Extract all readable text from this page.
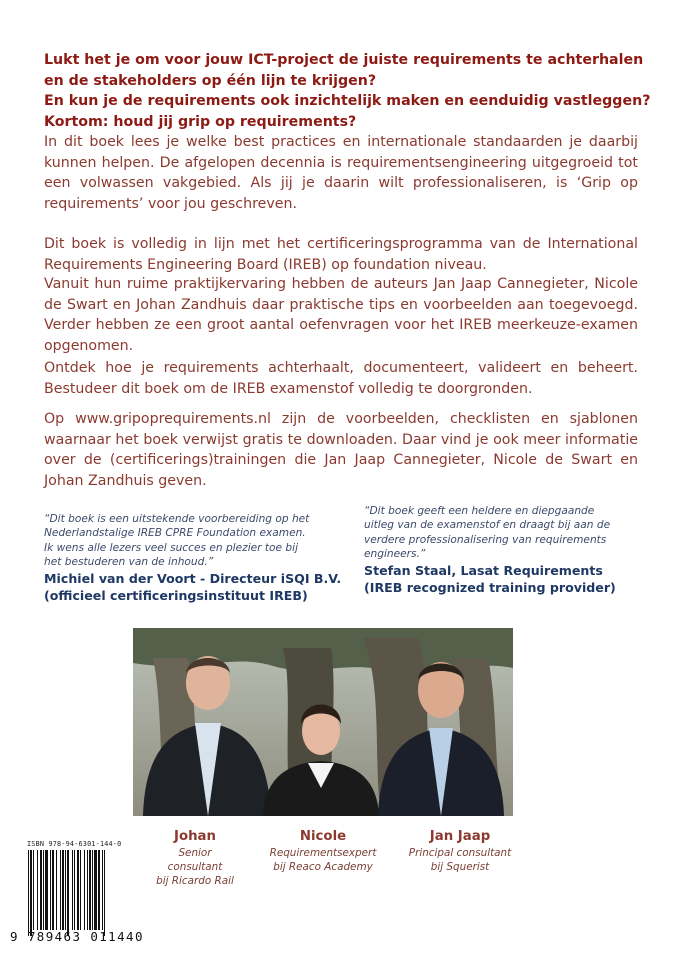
Lukt het je om voor jouw ICT-project de juiste requirements te achterhalen
en de stakeholders op één lijn te krijgen?
En kun je de requirements ook inzichtelijk maken en eenduidig vastleggen?
Kortom: houd jij grip op requirements?
In dit boek lees je welke best practices en internationale standaarden je daarbij kunnen helpen. De afgelopen decennia is requirementsengineering uitgegroeid tot een volwassen vakgebied. Als jij je daarin wilt professionaliseren, is ‘Grip op requirements’ voor jou geschreven.
Dit boek is volledig in lijn met het certificeringsprogramma van de International Requirements Engineering Board (IREB) op foundation niveau.
Vanuit hun ruime praktijkervaring hebben de auteurs Jan Jaap Cannegieter, Nicole de Swart en Johan Zandhuis daar praktische tips en voorbeelden aan toegevoegd. Verder hebben ze een groot aantal oefenvragen voor het IREB meerkeuze-examen opgenomen.
Ontdek hoe je requirements achterhaalt, documenteert, valideert en beheert. Bestudeer dit boek om de IREB examenstof volledig te doorgronden.
Op www.gripoprequirements.nl zijn de voorbeelden, checklisten en sjablonen waarnaar het boek verwijst gratis te downloaden. Daar vind je ook meer informatie over de (certificerings)trainingen die Jan Jaap Cannegieter, Nicole de Swart en Johan Zandhuis geven.
“Dit boek is een uitstekende voorbereiding op het
Nederlandstalige IREB CPRE Foundation examen.
Ik wens alle lezers veel succes en plezier toe bij
het bestuderen van de inhoud.”
Michiel van der Voort - Directeur iSQI B.V.
(officieel certificeringsinstituut IREB)
“Dit boek geeft een heldere en diepgaande
uitleg van de examenstof en draagt bij aan de
verdere professionalisering van requirements
engineers.”
Stefan Staal, Lasat Requirements
(IREB recognized training provider)
Johan
Senior consultant
bij Ricardo Rail
Nicole
Requirementsexpert
bij Reaco Academy
Jan Jaap
Principal consultant
bij Squerist
ISBN 978-94-6301-144-0
9 789463 011440
